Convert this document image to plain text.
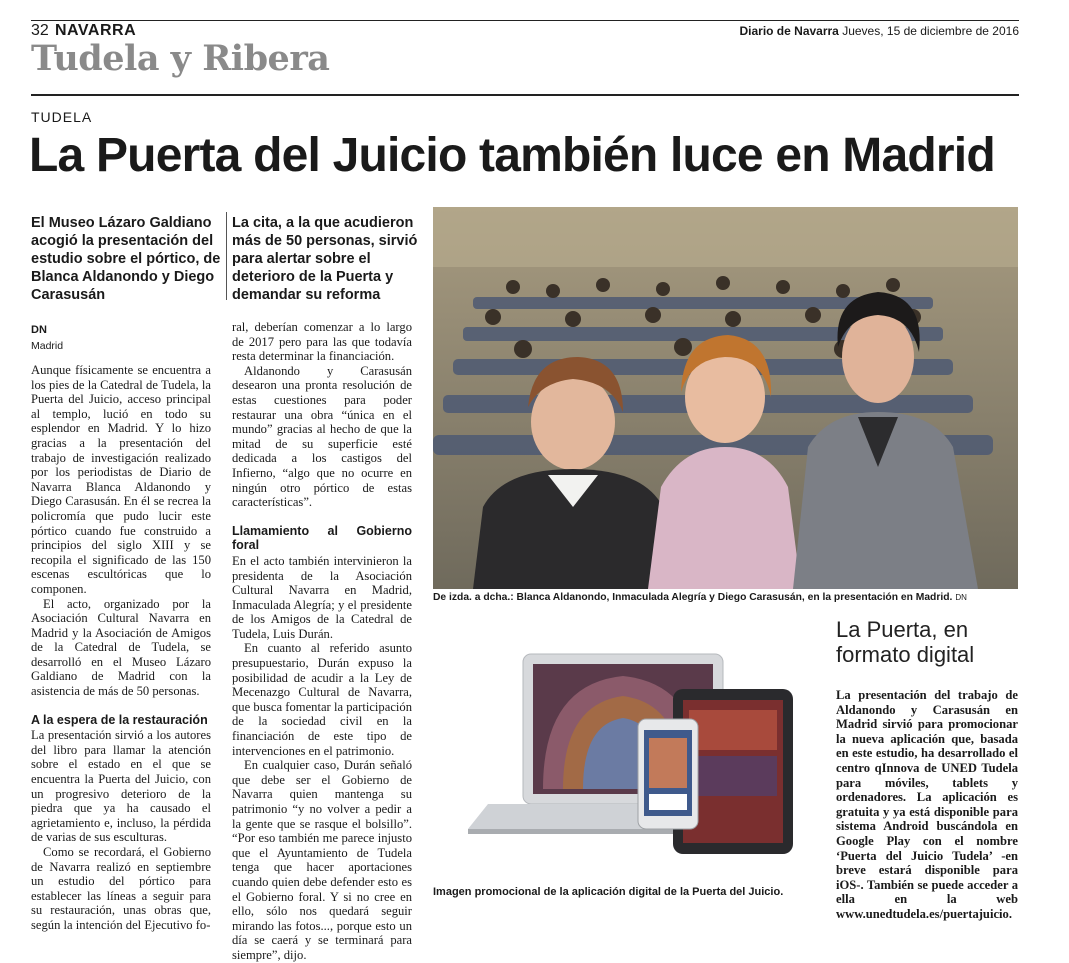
32 NAVARRA	Diario de Navarra Jueves, 15 de diciembre de 2016
Tudela y Ribera
TUDELA
La Puerta del Juicio también luce en Madrid
El Museo Lázaro Galdiano acogió la presentación del estudio sobre el pórtico, de Blanca Aldanondo y Diego Carasusán
La cita, a la que acudieron más de 50 personas, sirvió para alertar sobre el deterioro de la Puerta y demandar su reforma
DN
Madrid

Aunque físicamente se encuentra a los pies de la Catedral de Tudela, la Puerta del Juicio, acceso principal al templo, lució en todo su esplendor en Madrid. Y lo hizo gracias a la presentación del trabajo de investigación realizado por los periodistas de Diario de Navarra Blanca Aldanondo y Diego Carasusán. En él se recrea la policromía que pudo lucir este pórtico cuando fue construido a principios del siglo XIII y se recopila el significado de las 150 escenas escultóricas que lo componen.

El acto, organizado por la Asociación Cultural Navarra en Madrid y la Asociación de Amigos de la Catedral de Tudela, se desarrolló en el Museo Lázaro Galdiano de Madrid con la asistencia de más de 50 personas.

A la espera de la restauración

La presentación sirvió a los autores del libro para llamar la atención sobre el estado en el que se encuentra la Puerta del Juicio, con un progresivo deterioro de la piedra que ya ha causado el agrietamiento e, incluso, la pérdida de varias de sus esculturas.

Como se recordará, el Gobierno de Navarra realizó en septiembre un estudio del pórtico para establecer las líneas a seguir para su restauración, unas obras que, según la intención del Ejecutivo fo-

ral, deberían comenzar a lo largo de 2017 pero para las que todavía resta determinar la financiación.

Aldanondo y Carasusán desearon una pronta resolución de estas cuestiones para poder restaurar una obra “única en el mundo” gracias al hecho de que la mitad de su superficie esté dedicada a los castigos del Infierno, “algo que no ocurre en ningún otro pórtico de estas características”.

Llamamiento al Gobierno foral

En el acto también intervinieron la presidenta de la Asociación Cultural Navarra en Madrid, Inmaculada Alegría; y el presidente de los Amigos de la Catedral de Tudela, Luis Durán.

En cuanto al referido asunto presupuestario, Durán expuso la posibilidad de acudir a la Ley de Mecenazgo Cultural de Navarra, que busca fomentar la participación de la sociedad civil en la financiación de este tipo de intervenciones en el patrimonio.

En cualquier caso, Durán señaló que debe ser el Gobierno de Navarra quien mantenga su patrimonio “y no volver a pedir a la gente que se rasque el bolsillo”. “Por eso también me parece injusto que el Ayuntamiento de Tudela tenga que hacer aportaciones cuando quien debe defender esto es el Gobierno foral. Y si no cree en ello, sólo nos quedará seguir mirando las fotos..., porque esto un día se caerá y se terminará para siempre”, dijo.

De izda. a dcha.: Blanca Aldanondo, Inmaculada Alegría y Diego Carasusán, en la presentación en Madrid. DN
Imagen promocional de la aplicación digital de la Puerta del Juicio.
La Puerta, en formato digital
La presentación del trabajo de Aldanondo y Carasusán en Madrid sirvió para promocionar la nueva aplicación que, basada en este estudio, ha desarrollado el centro qInnova de UNED Tudela para móviles, tablets y ordenadores. La aplicación es gratuita y ya está disponible para sistema Android buscándola en Google Play con el nombre ‘Puerta del Juicio Tudela’ -en breve estará disponible para iOS-. También se puede acceder a ella en la web www.unedtudela.es/puertajuicio.
